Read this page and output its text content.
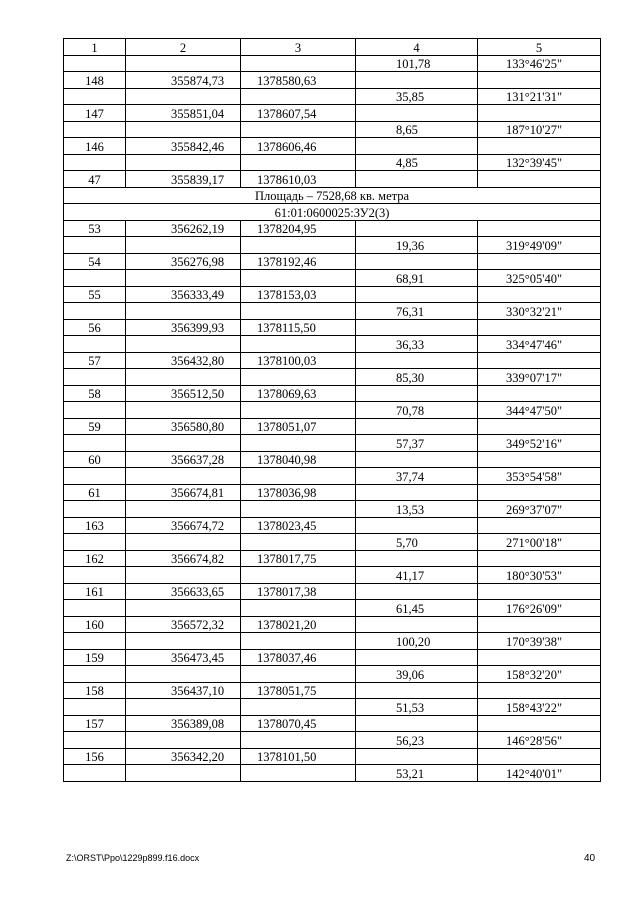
1	2	3	4	5
			101,78	133°46'25"
148	355874,73	1378580,63		
			35,85	131°21'31"
147	355851,04	1378607,54		
			8,65	187°10'27"
146	355842,46	1378606,46		
			4,85	132°39'45"
47	355839,17	1378610,03		
Площадь – 7528,68 кв. метра				
61:01:0600025:ЗУ2(3)				
53	356262,19	1378204,95		
			19,36	319°49'09"
54	356276,98	1378192,46		
			68,91	325°05'40"
55	356333,49	1378153,03		
			76,31	330°32'21"
56	356399,93	1378115,50		
			36,33	334°47'46"
57	356432,80	1378100,03		
			85,30	339°07'17"
58	356512,50	1378069,63		
			70,78	344°47'50"
59	356580,80	1378051,07		
			57,37	349°52'16"
60	356637,28	1378040,98		
			37,74	353°54'58"
61	356674,81	1378036,98		
			13,53	269°37'07"
163	356674,72	1378023,45		
			5,70	271°00'18"
162	356674,82	1378017,75		
			41,17	180°30'53"
161	356633,65	1378017,38		
			61,45	176°26'09"
160	356572,32	1378021,20		
			100,20	170°39'38"
159	356473,45	1378037,46		
			39,06	158°32'20"
158	356437,10	1378051,75		
			51,53	158°43'22"
157	356389,08	1378070,45		
			56,23	146°28'56"
156	356342,20	1378101,50		
			53,21	142°40'01"
Z:\ORST\Ppo\1229p899.f16.docx	40
